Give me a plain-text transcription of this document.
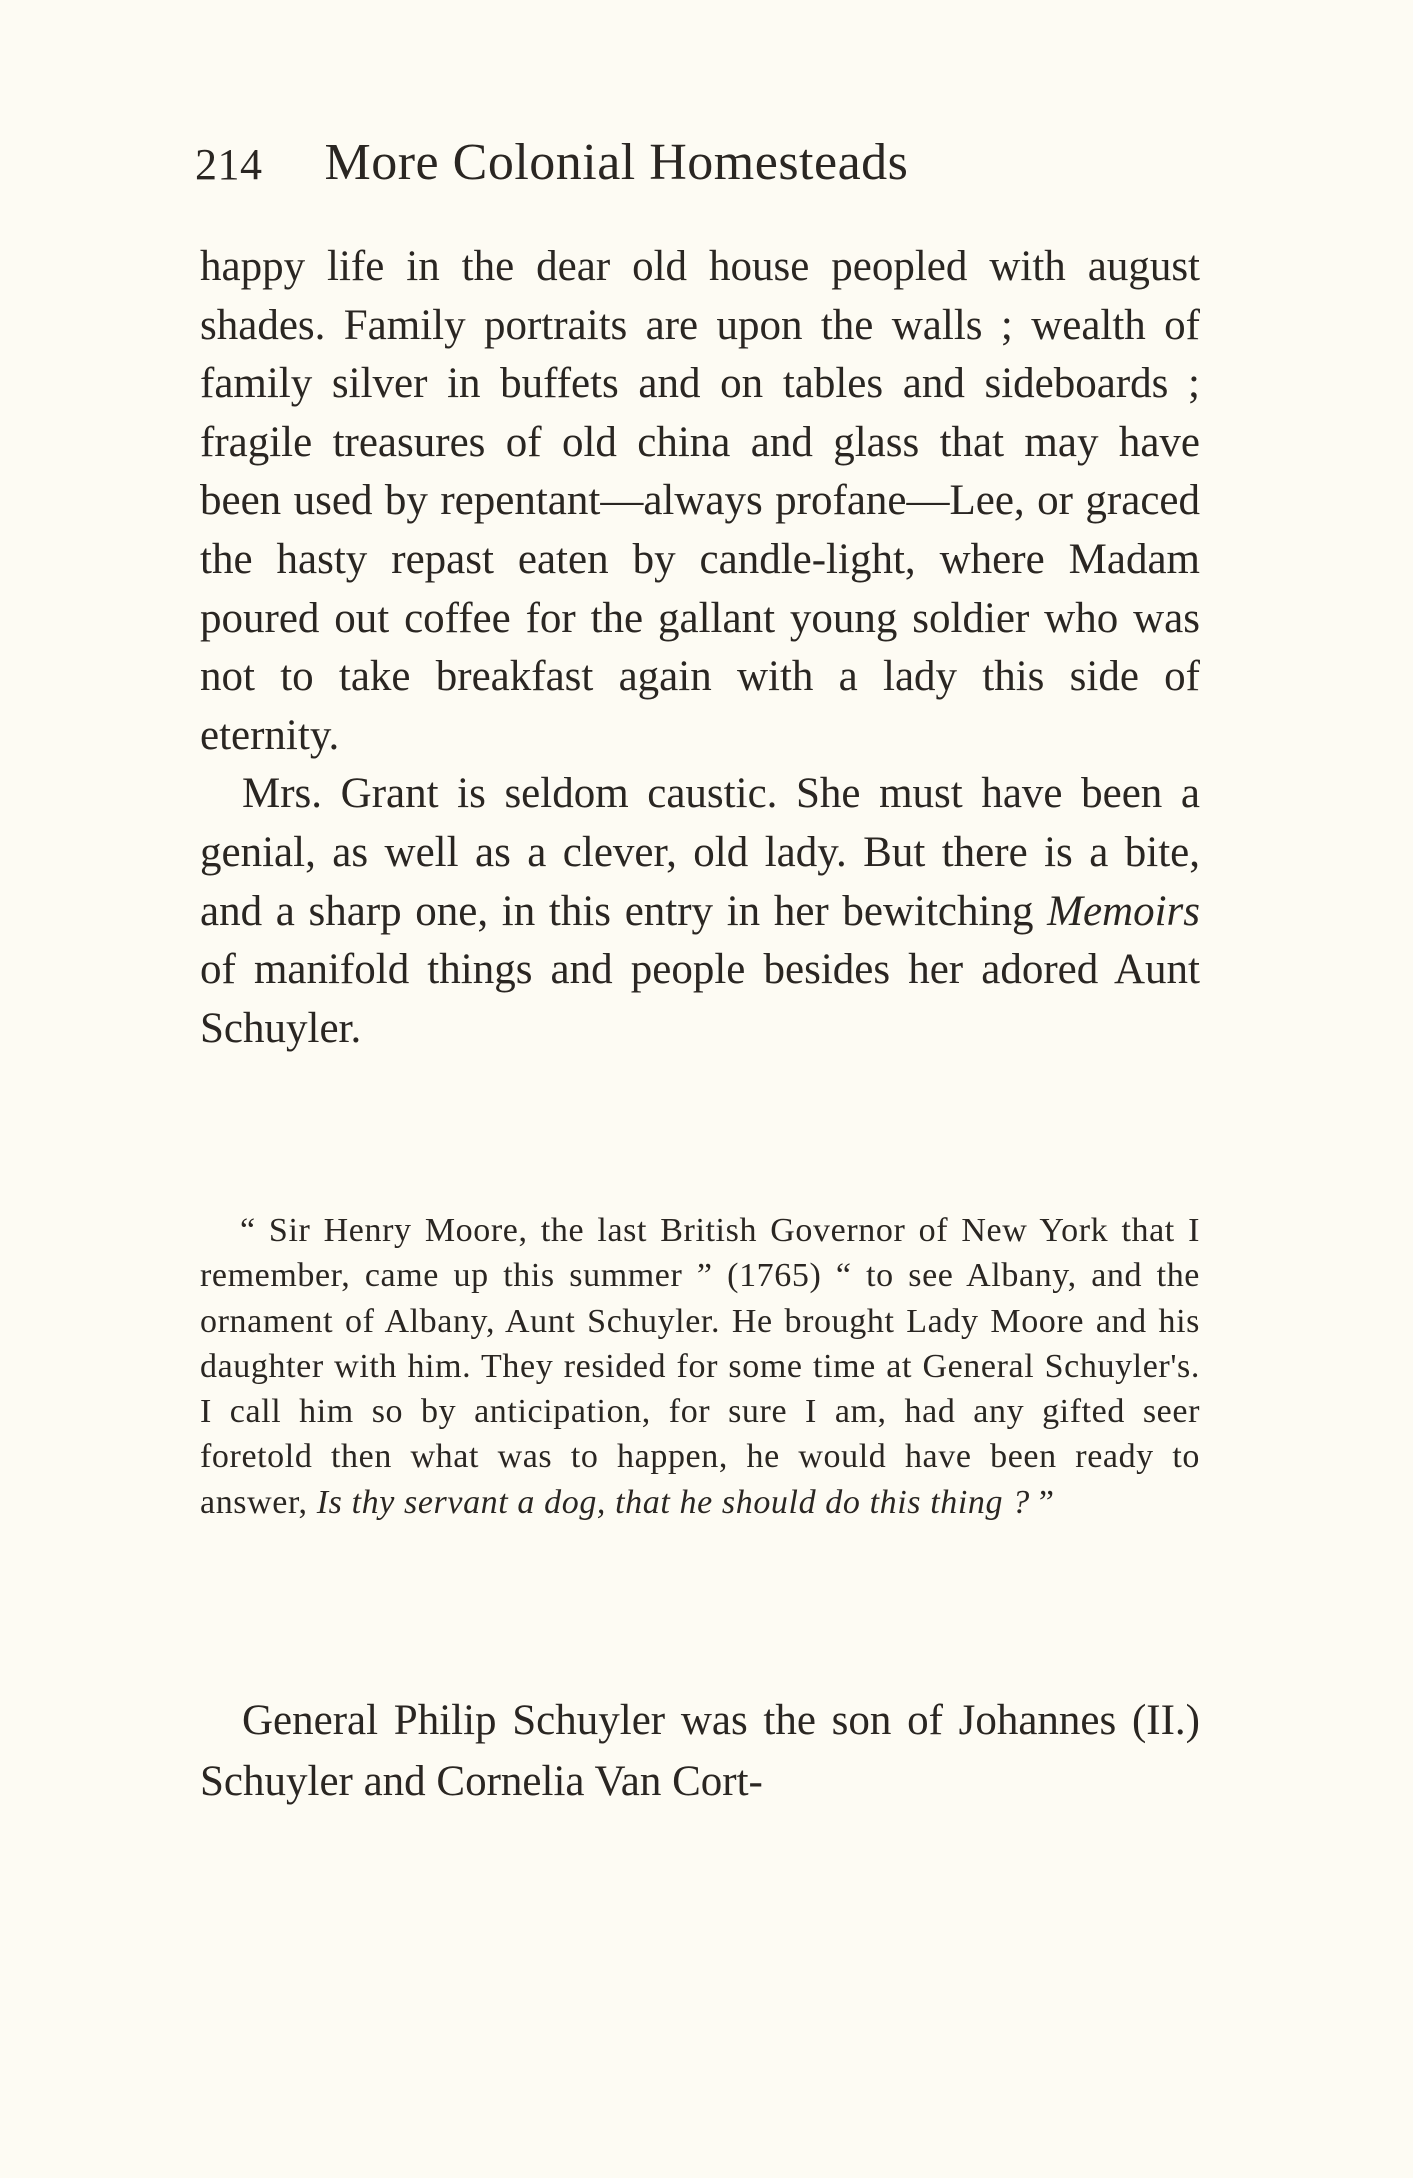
214 More Colonial Homesteads

happy life in the dear old house peopled with august shades. Family portraits are upon the walls ; wealth of family silver in buffets and on tables and sideboards ; fragile treasures of old china and glass that may have been used by repentant—always profane—Lee, or graced the hasty repast eaten by candle-light, where Madam poured out coffee for the gallant young soldier who was not to take breakfast again with a lady this side of eternity.

Mrs. Grant is seldom caustic. She must have been a genial, as well as a clever, old lady. But there is a bite, and a sharp one, in this entry in her bewitching Memoirs of manifold things and people besides her adored Aunt Schuyler.

“ Sir Henry Moore, the last British Governor of New York that I remember, came up this summer ” (1765) “ to see Albany, and the ornament of Albany, Aunt Schuyler. He brought Lady Moore and his daughter with him. They resided for some time at General Schuyler's. I call him so by anticipation, for sure I am, had any gifted seer foretold then what was to happen, he would have been ready to answer, Is thy servant a dog, that he should do this thing ? ”

General Philip Schuyler was the son of Johannes (II.) Schuyler and Cornelia Van Cort-
